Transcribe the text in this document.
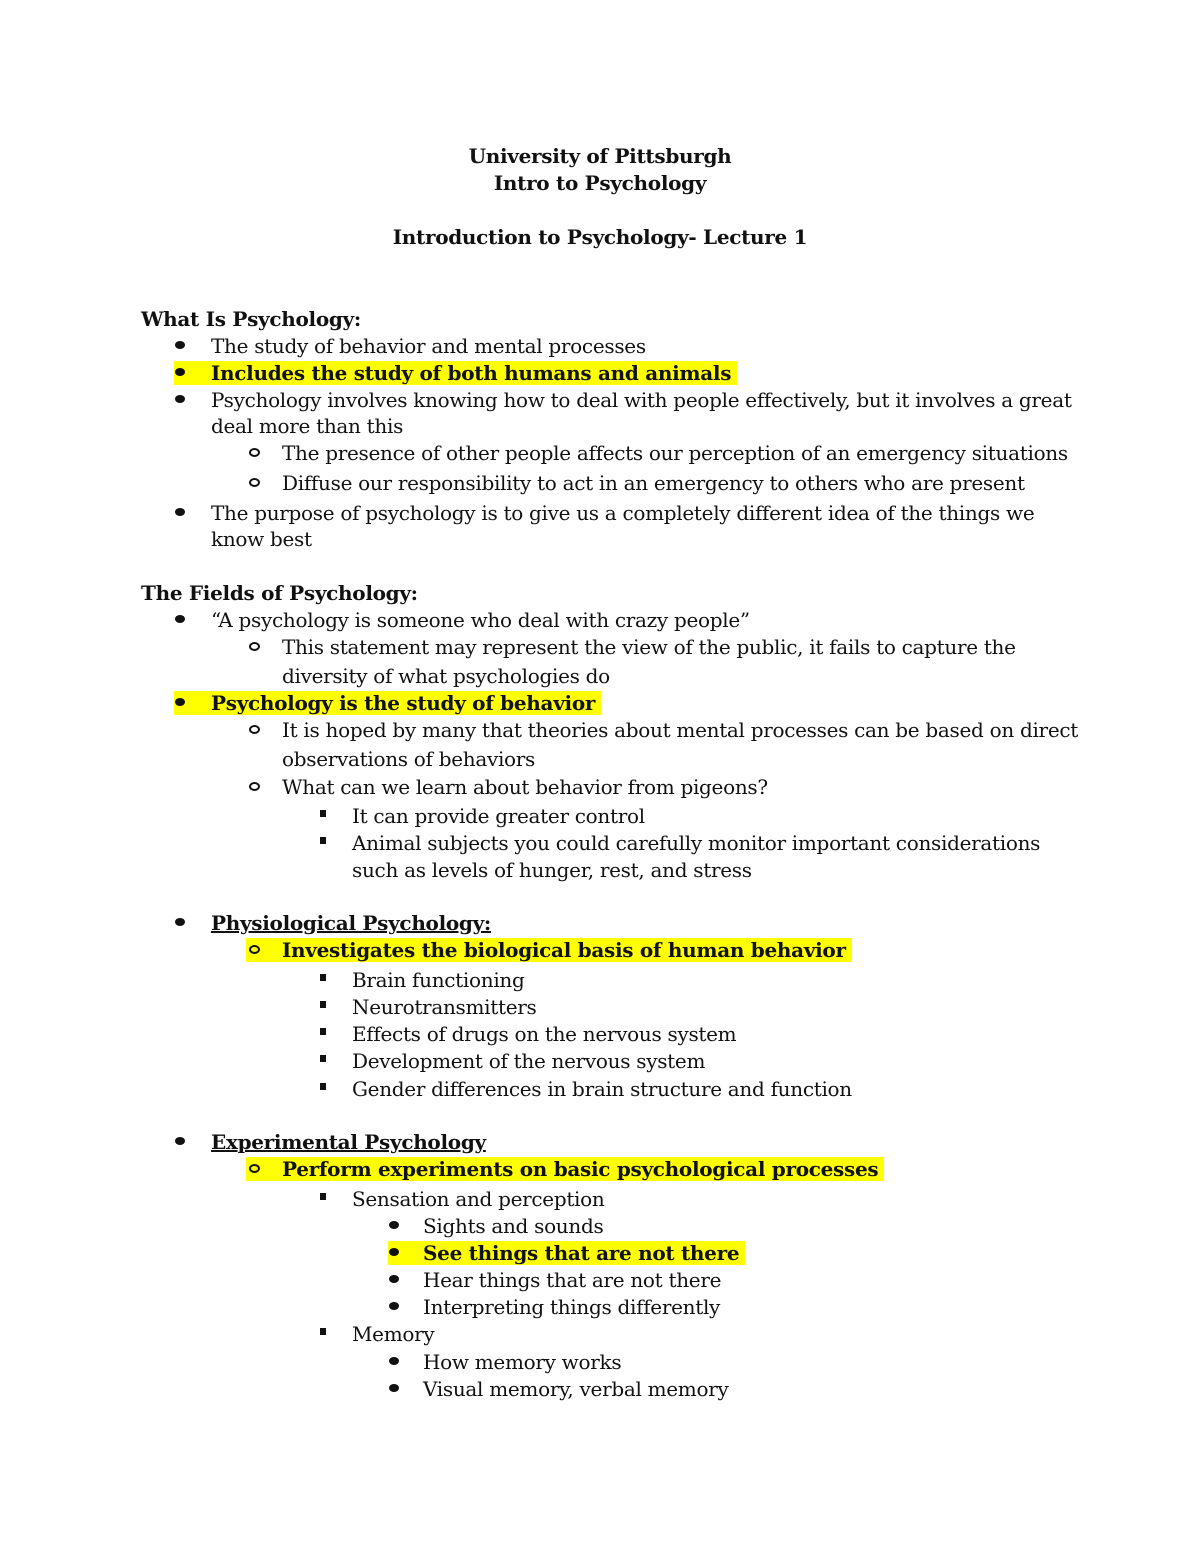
University of Pittsburgh
Intro to Psychology
Introduction to Psychology- Lecture 1
What Is Psychology:
The study of behavior and mental processes
Includes the study of both humans and animals
Psychology involves knowing how to deal with people effectively, but it involves a great
deal more than this
The presence of other people affects our perception of an emergency situations
Diffuse our responsibility to act in an emergency to others who are present
The purpose of psychology is to give us a completely different idea of the things we
know best
The Fields of Psychology:
“A psychology is someone who deal with crazy people”
This statement may represent the view of the public, it fails to capture the
diversity of what psychologies do
Psychology is the study of behavior
It is hoped by many that theories about mental processes can be based on direct
observations of behaviors
What can we learn about behavior from pigeons?
It can provide greater control
Animal subjects you could carefully monitor important considerations
such as levels of hunger, rest, and stress
Physiological Psychology:
Investigates the biological basis of human behavior
Brain functioning
Neurotransmitters
Effects of drugs on the nervous system
Development of the nervous system
Gender differences in brain structure and function
Experimental Psychology
Perform experiments on basic psychological processes
Sensation and perception
Sights and sounds
See things that are not there
Hear things that are not there
Interpreting things differently
Memory
How memory works
Visual memory, verbal memory
